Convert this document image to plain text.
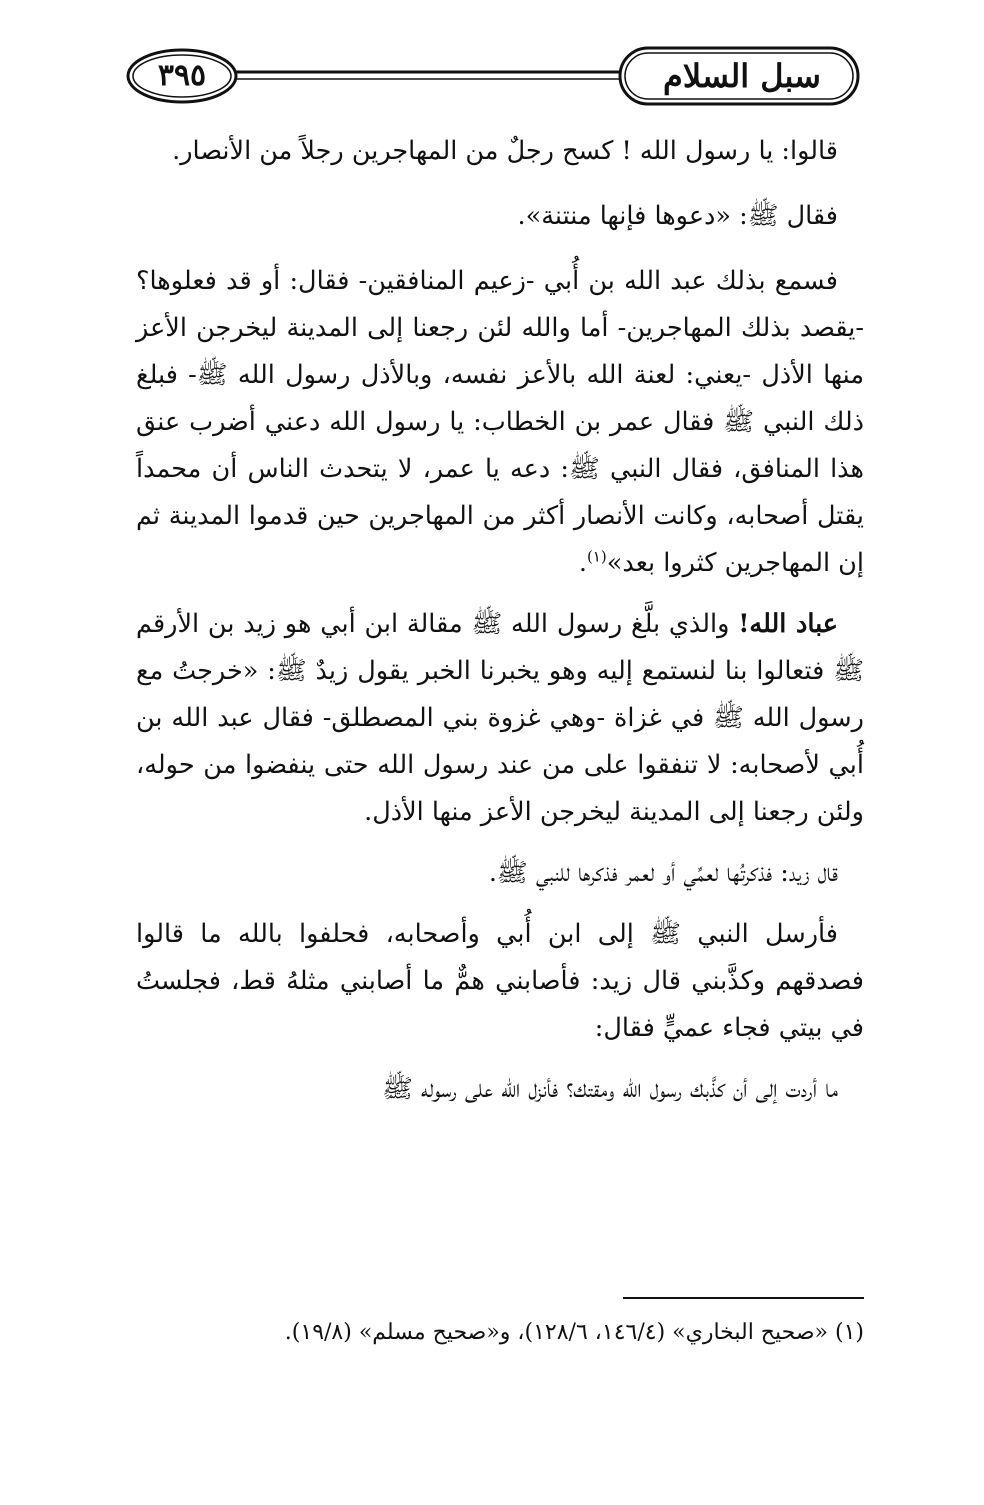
٣٩٥	سبل السلام

قالوا: يا رسول الله ! كسح رجلٌ من المهاجرين رجلاً من الأنصار.

فقال ﷺ: «دعوها فإنها منتنة».

فسمع بذلك عبد الله بن أُبي -زعيم المنافقين- فقال: أو قد فعلوها؟ -يقصد بذلك المهاجرين- أما والله لئن رجعنا إلى المدينة ليخرجن الأعز منها الأذل -يعني: لعنة الله بالأعز نفسه، وبالأذل رسول الله ﷺ- فبلغ ذلك النبي ﷺ فقال عمر بن الخطاب: يا رسول الله دعني أضرب عنق هذا المنافق، فقال النبي ﷺ: دعه يا عمر، لا يتحدث الناس أن محمداً يقتل أصحابه، وكانت الأنصار أكثر من المهاجرين حين قدموا المدينة ثم إن المهاجرين كثروا بعد»$^{(١)}$.

عباد الله! والذي بلَّغ رسول الله ﷺ مقالة ابن أبي هو زيد بن الأرقم ﷺ فتعالوا بنا لنستمع إليه وهو يخبرنا الخبر يقول زيدٌ ﷺ: «خرجتُ مع رسول الله ﷺ في غزاة -وهي غزوة بني المصطلق- فقال عبد الله بن أُبي لأصحابه: لا تنفقوا على من عند رسول الله حتى ينفضوا من حوله، ولئن رجعنا إلى المدينة ليخرجن الأعز منها الأذل.

قال زيد: فذكرتُها لعمِّي أو لعمر فذكرها للنبي ﷺ.

فأرسل النبي ﷺ إلى ابن أُبي وأصحابه، فحلفوا بالله ما قالوا فصدقهم وكذَّبني قال زيد: فأصابني همٌّ ما أصابني مثلهُ قط، فجلستُ في بيتي فجاء عميٍّ فقال:

ما أردت إلى أن كذَّبك رسول الله ومقتك؟ فأنزل الله على رسوله ﷺ

(١) «صحيح البخاري» (١٤٦/٤، ١٢٨/٦)، و«صحيح مسلم» (١٩/٨).
